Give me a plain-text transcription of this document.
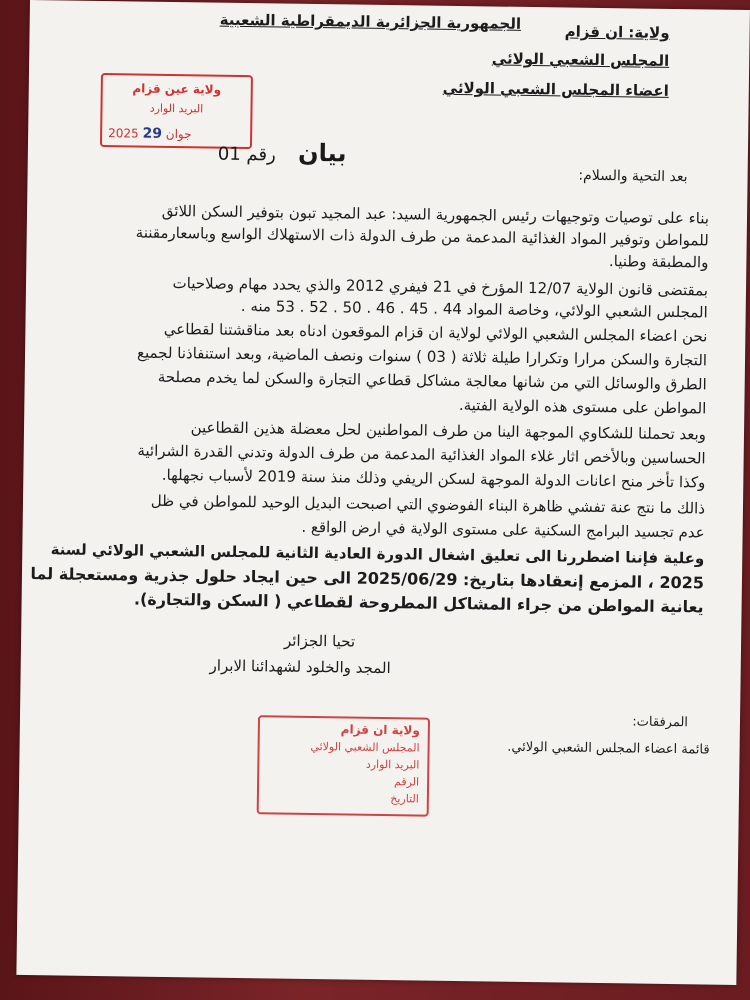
الجمهورية الجزائرية الديمقراطية الشعبية	ولاية: ان قزام
المجلس الشعبي الولائي
اعضاء المجلس الشعبي الولائي
ولاية عين قزام
البريد الوارد
2025 جوان 29
بيان رقم 01
بعد التحية والسلام:
بناء على توصيات وتوجيهات رئيس الجمهورية السيد: عبد المجيد تبون بتوفير السكن اللائق
للمواطن وتوفير المواد الغذائية المدعمة من طرف الدولة ذات الاستهلاك الواسع وباسعارمقننة
والمطبقة وطنيا.
بمقتضى قانون الولاية 12/07 المؤرخ في 21 فيفري 2012 والذي يحدد مهام وصلاحيات
المجلس الشعبي الولائي، وخاصة المواد 44 . 45 . 46 . 50 . 52 . 53 منه .
نحن اعضاء المجلس الشعبي الولائي لولاية ان قزام الموقعون ادناه بعد مناقشتنا لقطاعي
التجارة والسكن مرارا وتكرارا طيلة ثلاثة ( 03 ) سنوات ونصف الماضية، وبعد استنفاذنا لجميع
الطرق والوسائل التي من شانها معالجة مشاكل قطاعي التجارة والسكن لما يخدم مصلحة
المواطن على مستوى هذه الولاية الفتية.
وبعد تحملنا للشكاوي الموجهة الينا من طرف المواطنين لحل معضلة هذين القطاعين
الحساسين وبالأخص اثار غلاء المواد الغذائية المدعمة من طرف الدولة وتدني القدرة الشرائية
وكذا تأخر منح اعانات الدولة الموجهة لسكن الريفي وذلك منذ سنة 2019 لأسباب نجهلها.
ذالك ما نتج عنة تفشي ظاهرة البناء الفوضوي التي اصبحت البديل الوحيد للمواطن في ظل
عدم تجسيد البرامج السكنية على مستوى الولاية في ارض الواقع .
وعلية فإننا اضطررنا الى تعليق اشغال الدورة العادية الثانية للمجلس الشعبي الولائي لسنة
2025 ، المزمع إنعقادها بتاريخ: 2025/06/29 الى حين ايجاد حلول جذرية ومستعجلة لما
يعانية المواطن من جراء المشاكل المطروحة لقطاعي ( السكن والتجارة).
تحيا الجزائر
المجد والخلود لشهدائنا الابرار
المرفقات:
قائمة اعضاء المجلس الشعبي الولائي.
ولاية ان قزام
المجلس الشعبي الولائي
البريد الوارد
الرقم
التاريخ
